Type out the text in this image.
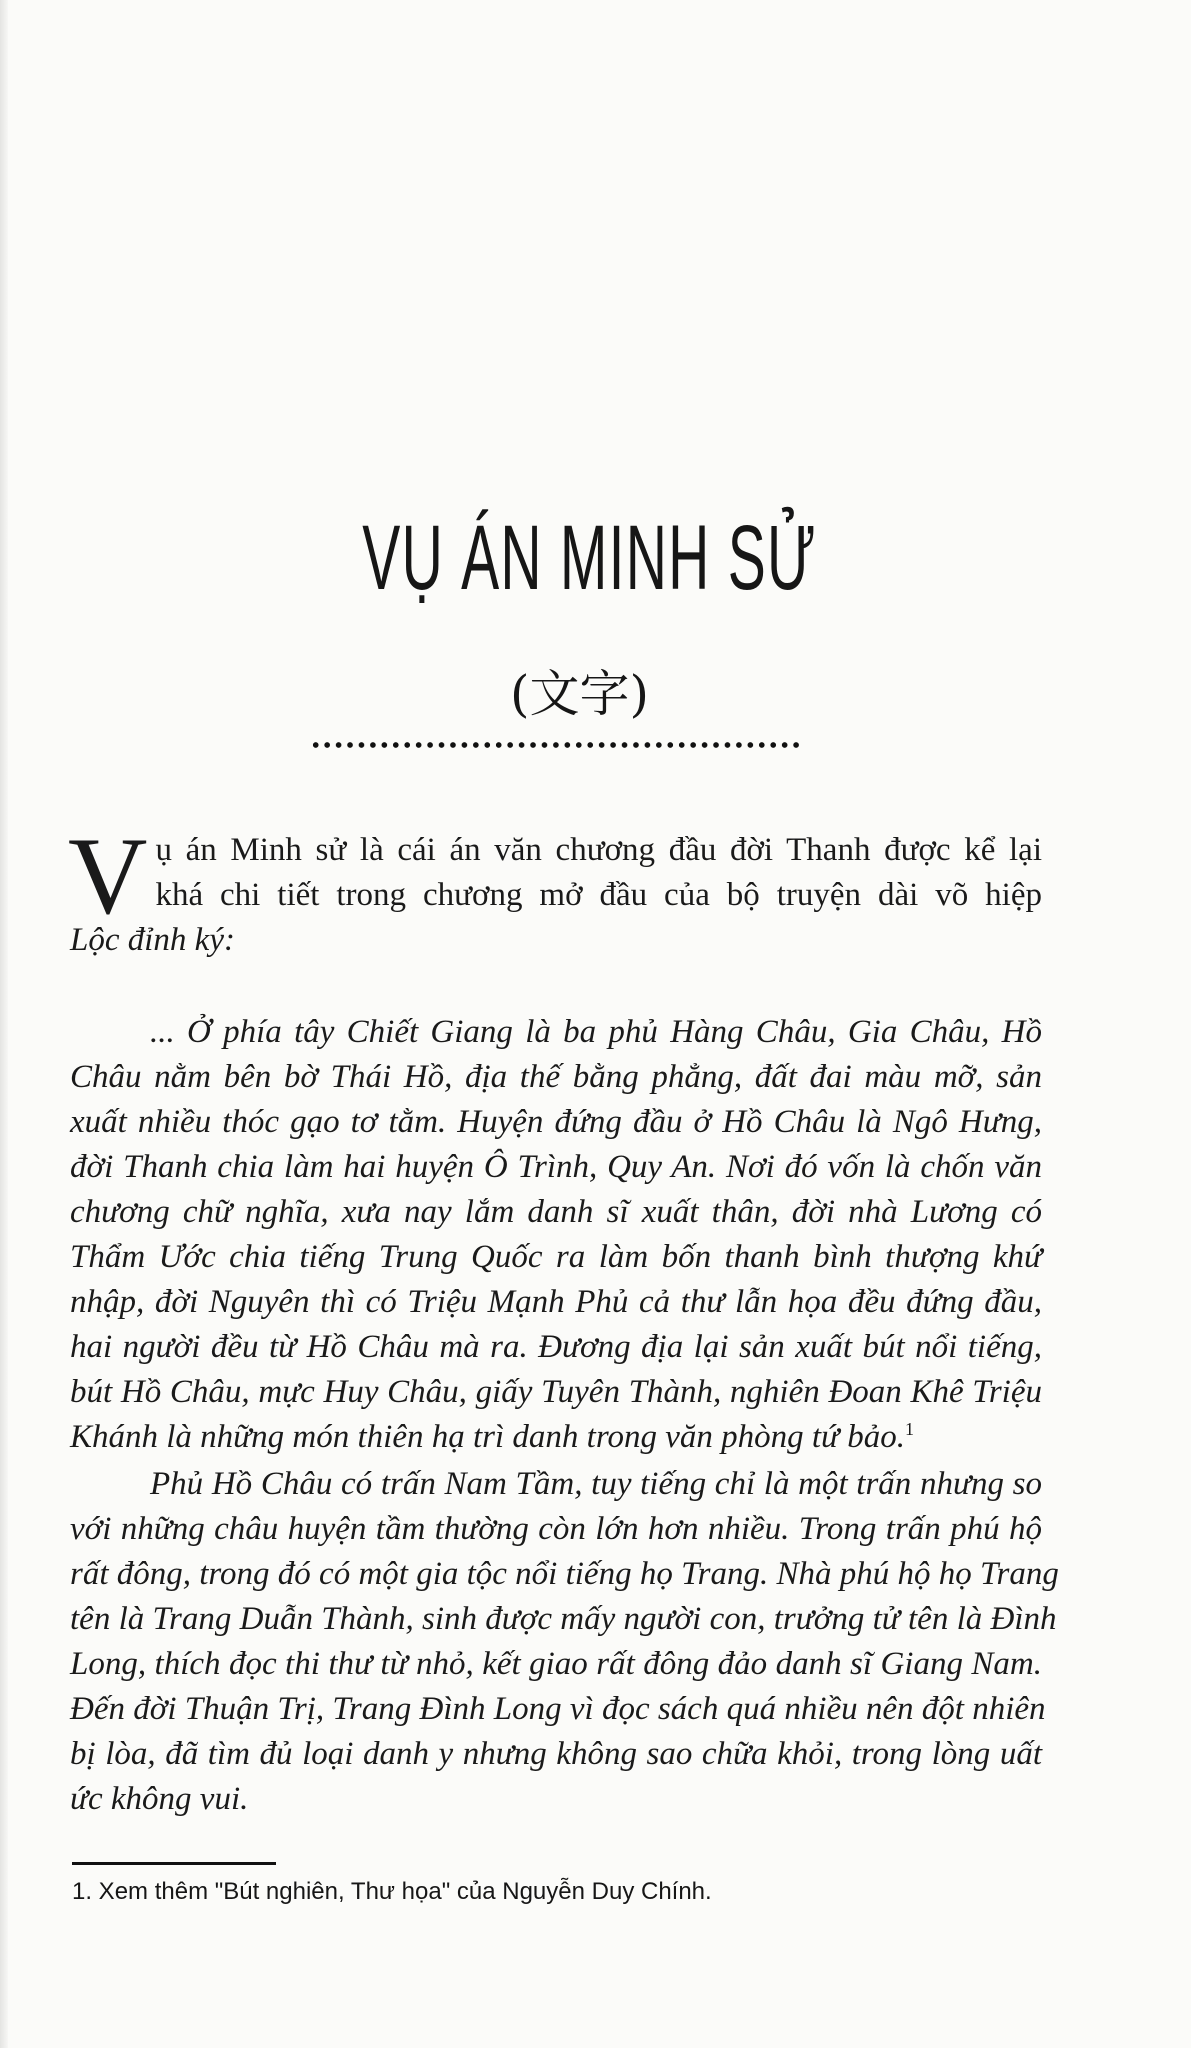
VỤ ÁN MINH SỬ
(文字)
V ụ án Minh sử là cái án văn chương đầu đời Thanh được kể lại
khá chi tiết trong chương mở đầu của bộ truyện dài võ hiệp
Lộc đỉnh ký:
... Ở phía tây Chiết Giang là ba phủ Hàng Châu, Gia Châu, Hồ
Châu nằm bên bờ Thái Hồ, địa thế bằng phẳng, đất đai màu mỡ, sản
xuất nhiều thóc gạo tơ tằm. Huyện đứng đầu ở Hồ Châu là Ngô Hưng,
đời Thanh chia làm hai huyện Ô Trình, Quy An. Nơi đó vốn là chốn văn
chương chữ nghĩa, xưa nay lắm danh sĩ xuất thân, đời nhà Lương có
Thẩm Ước chia tiếng Trung Quốc ra làm bốn thanh bình thượng khứ
nhập, đời Nguyên thì có Triệu Mạnh Phủ cả thư lẫn họa đều đứng đầu,
hai người đều từ Hồ Châu mà ra. Đương địa lại sản xuất bút nổi tiếng,
bút Hồ Châu, mực Huy Châu, giấy Tuyên Thành, nghiên Đoan Khê Triệu
Khánh là những món thiên hạ trì danh trong văn phòng tứ bảo.$^1$
Phủ Hồ Châu có trấn Nam Tầm, tuy tiếng chỉ là một trấn nhưng so
với những châu huyện tầm thường còn lớn hơn nhiều. Trong trấn phú hộ
rất đông, trong đó có một gia tộc nổi tiếng họ Trang. Nhà phú hộ họ Trang
tên là Trang Duẫn Thành, sinh được mấy người con, trưởng tử tên là Đình
Long, thích đọc thi thư từ nhỏ, kết giao rất đông đảo danh sĩ Giang Nam.
Đến đời Thuận Trị, Trang Đình Long vì đọc sách quá nhiều nên đột nhiên
bị lòa, đã tìm đủ loại danh y nhưng không sao chữa khỏi, trong lòng uất
ức không vui.
1. Xem thêm "Bút nghiên, Thư họa" của Nguyễn Duy Chính.
